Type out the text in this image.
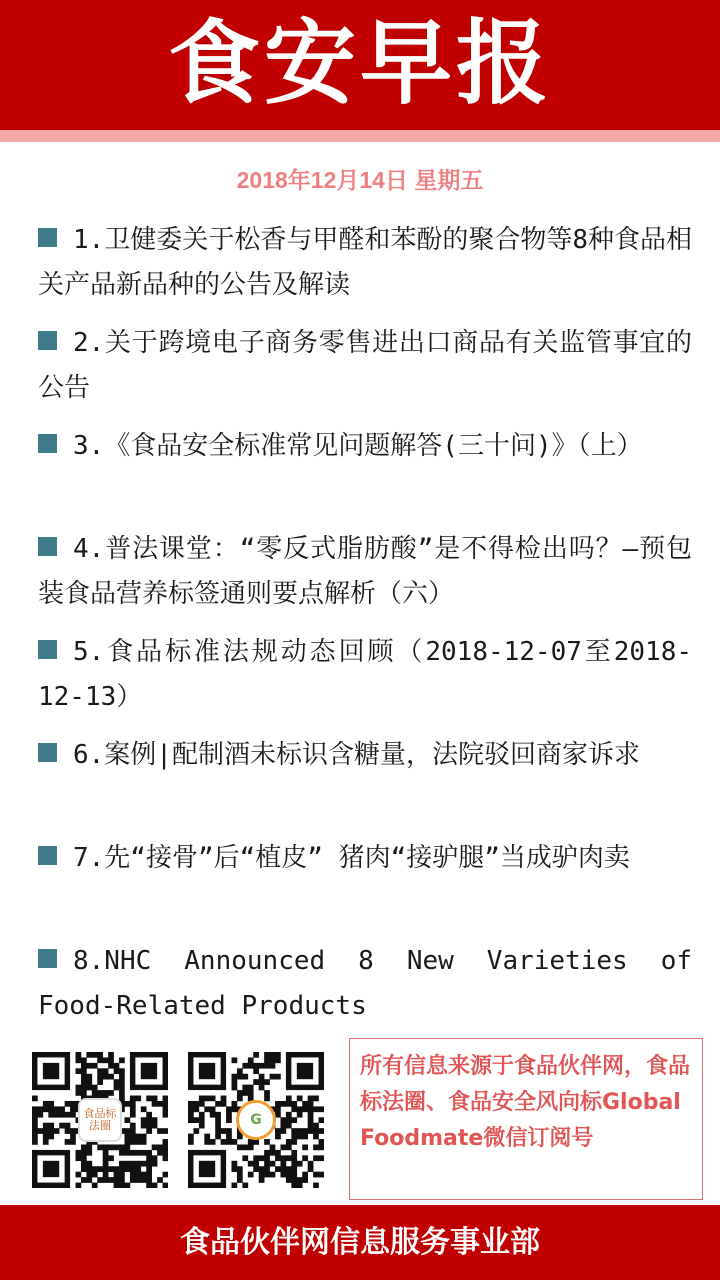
食安早报
2018年12月14日 星期五
1.卫健委关于松香与甲醛和苯酚的聚合物等8种食品相关产品新品种的公告及解读
2.关于跨境电子商务零售进出口商品有关监管事宜的公告
3.《食品安全标准常见问题解答(三十问)》（上）
4.普法课堂：“零反式脂肪酸”是不得检出吗？—预包装食品营养标签通则要点解析（六）
5.食品标准法规动态回顾（2018-12-07至2018-12-13）
6.案例|配制酒未标识含糖量，法院驳回商家诉求
7.先“接骨”后“植皮” 猪肉“接驴腿”当成驴肉卖
8.NHC Announced 8 New Varieties of Food-Related Products
食品标法圈	G
所有信息来源于食品伙伴网，食品标法圈、食品安全风向标Global Foodmate微信订阅号
食品伙伴网信息服务事业部
